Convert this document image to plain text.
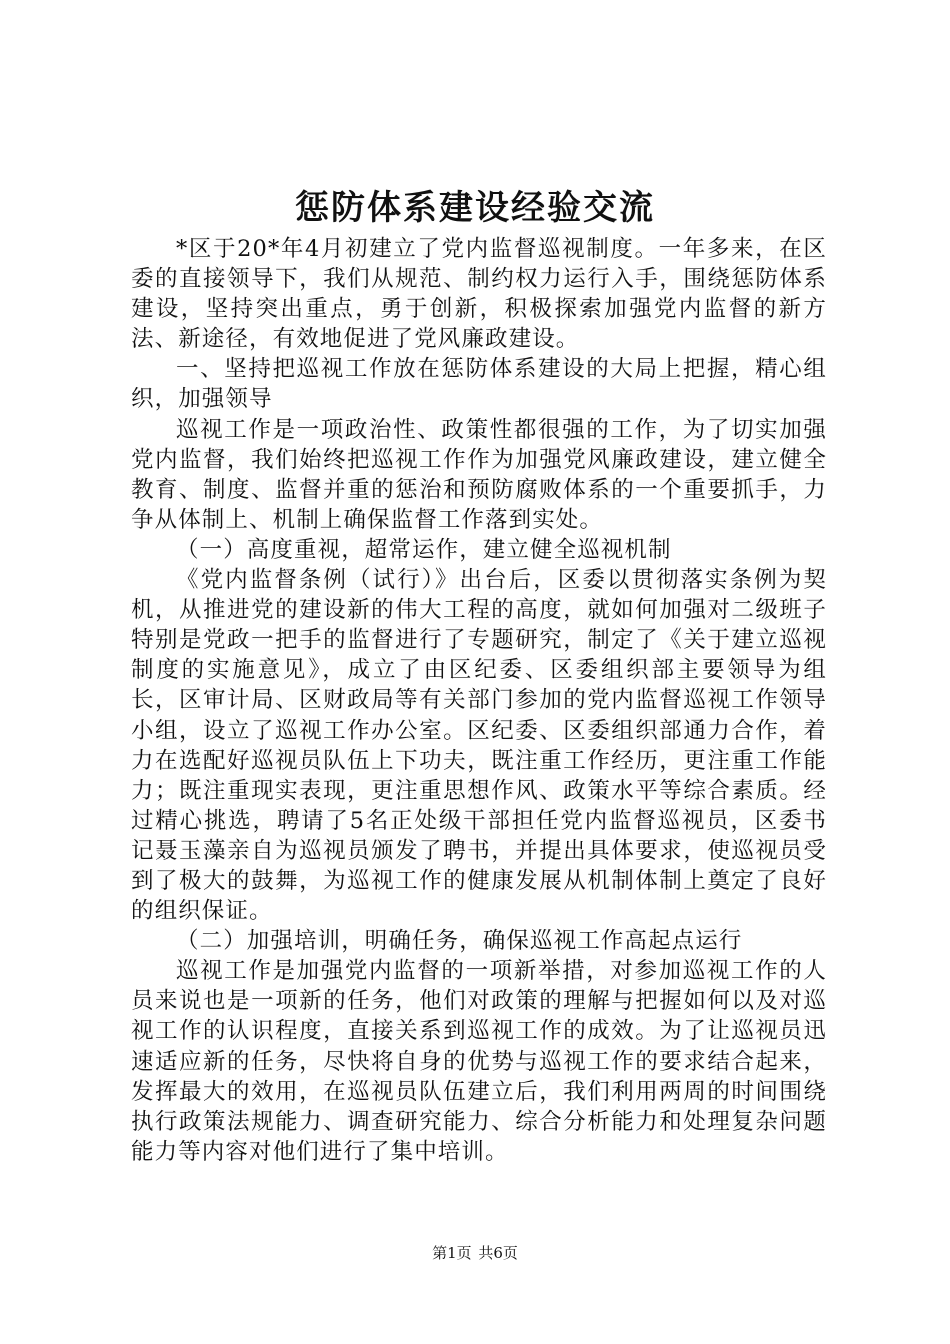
惩防体系建设经验交流

*区于20*年4月初建立了党内监督巡视制度。一年多来，在区委的直接领导下，我们从规范、制约权力运行入手，围绕惩防体系建设，坚持突出重点，勇于创新，积极探索加强党内监督的新方法、新途径，有效地促进了党风廉政建设。

一、坚持把巡视工作放在惩防体系建设的大局上把握，精心组织，加强领导

巡视工作是一项政治性、政策性都很强的工作，为了切实加强党内监督，我们始终把巡视工作作为加强党风廉政建设，建立健全教育、制度、监督并重的惩治和预防腐败体系的一个重要抓手，力争从体制上、机制上确保监督工作落到实处。

（一）高度重视，超常运作，建立健全巡视机制

《党内监督条例（试行）》出台后，区委以贯彻落实条例为契机，从推进党的建设新的伟大工程的高度，就如何加强对二级班子特别是党政一把手的监督进行了专题研究，制定了《关于建立巡视制度的实施意见》，成立了由区纪委、区委组织部主要领导为组长，区审计局、区财政局等有关部门参加的党内监督巡视工作领导小组，设立了巡视工作办公室。区纪委、区委组织部通力合作，着力在选配好巡视员队伍上下功夫，既注重工作经历，更注重工作能力；既注重现实表现，更注重思想作风、政策水平等综合素质。经过精心挑选，聘请了5名正处级干部担任党内监督巡视员，区委书记聂玉藻亲自为巡视员颁发了聘书，并提出具体要求，使巡视员受到了极大的鼓舞，为巡视工作的健康发展从机制体制上奠定了良好的组织保证。

（二）加强培训，明确任务，确保巡视工作高起点运行

巡视工作是加强党内监督的一项新举措，对参加巡视工作的人员来说也是一项新的任务，他们对政策的理解与把握如何以及对巡视工作的认识程度，直接关系到巡视工作的成效。为了让巡视员迅速适应新的任务，尽快将自身的优势与巡视工作的要求结合起来，发挥最大的效用，在巡视员队伍建立后，我们利用两周的时间围绕执行政策法规能力、调查研究能力、综合分析能力和处理复杂问题能力等内容对他们进行了集中培训。

第1页 共6页
